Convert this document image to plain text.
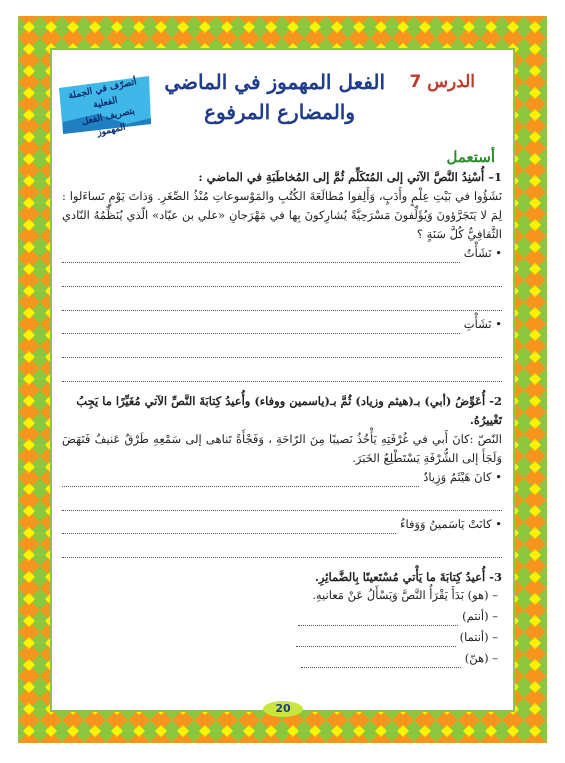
أتصرّف في الجملة الفعلية
بتصريف الفعل المهموز
الدرس 7
الفعل المهموز في الماضي
والمضارع المرفوع
أستعمل
1– أُسْنِدُ النَّصَّ الآتي إلى المُتَكَلِّم ثُمَّ إلى المُخاطَبَةِ في الماضي :
نَشَؤُوا في بَيْتِ عِلْمٍ وأَدَبٍ، وَأَلِفوا مُطالَعَةَ الكُتُبِ والمَوْسوعاتِ مُنْذُ الصِّغَرِ. وَذاتَ يَوْمٍ تَساءَلوا : لِمَ لا يَتَجَرَّؤونَ وَيُؤَلِّفونَ مَسْرَحِيَّةً يُشارِكونَ بِها في مَهْرَجانِ «علي بن عيّاد» الّذي يُنَظِّمُهُ النّادي الثَّقافِيُّ كُلَّ سَنَةٍ ؟
• نَشَأْتُ
• نَشَأْتِ
2- أُعَوِّضُ (أبي) بـ(هيثم وزياد) ثُمَّ بـ(ياسمين ووفاء) وأُعيدُ كِتابَةَ النَّصِّ الآتي مُغَيِّرًا ما يَجِبُ تَغْييرُهُ.
النّصّ :كانَ أَبي في غُرْفَتِهِ يَأْخُذُ نَصيبًا مِنَ الرّاحَةِ ، وَفَجْأَةً تَناهى إلى سَمْعِهِ طَرْقٌ عَنيفٌ فَنَهَضَ وَلَجَأَ إلى الشُّرْفَةِ يَسْتَطْلِعُ الخَبَرَ.
• كانَ هَيْثَمُ وَزِيادٌ
• كانَتْ يَاسَمينُ وَوَفاءُ
3- أُعيدُ كِتابَةَ ما يَأْتي مُسْتَعينًا بِالضَّمائِرِ.
– (هو) بَدَأَ يَقْرَأُ النَّصَّ وَيَسْأَلُ عَنْ مَعانيهِ.
– (أنتم)
– (أنتما)
– (هنّ)
20
